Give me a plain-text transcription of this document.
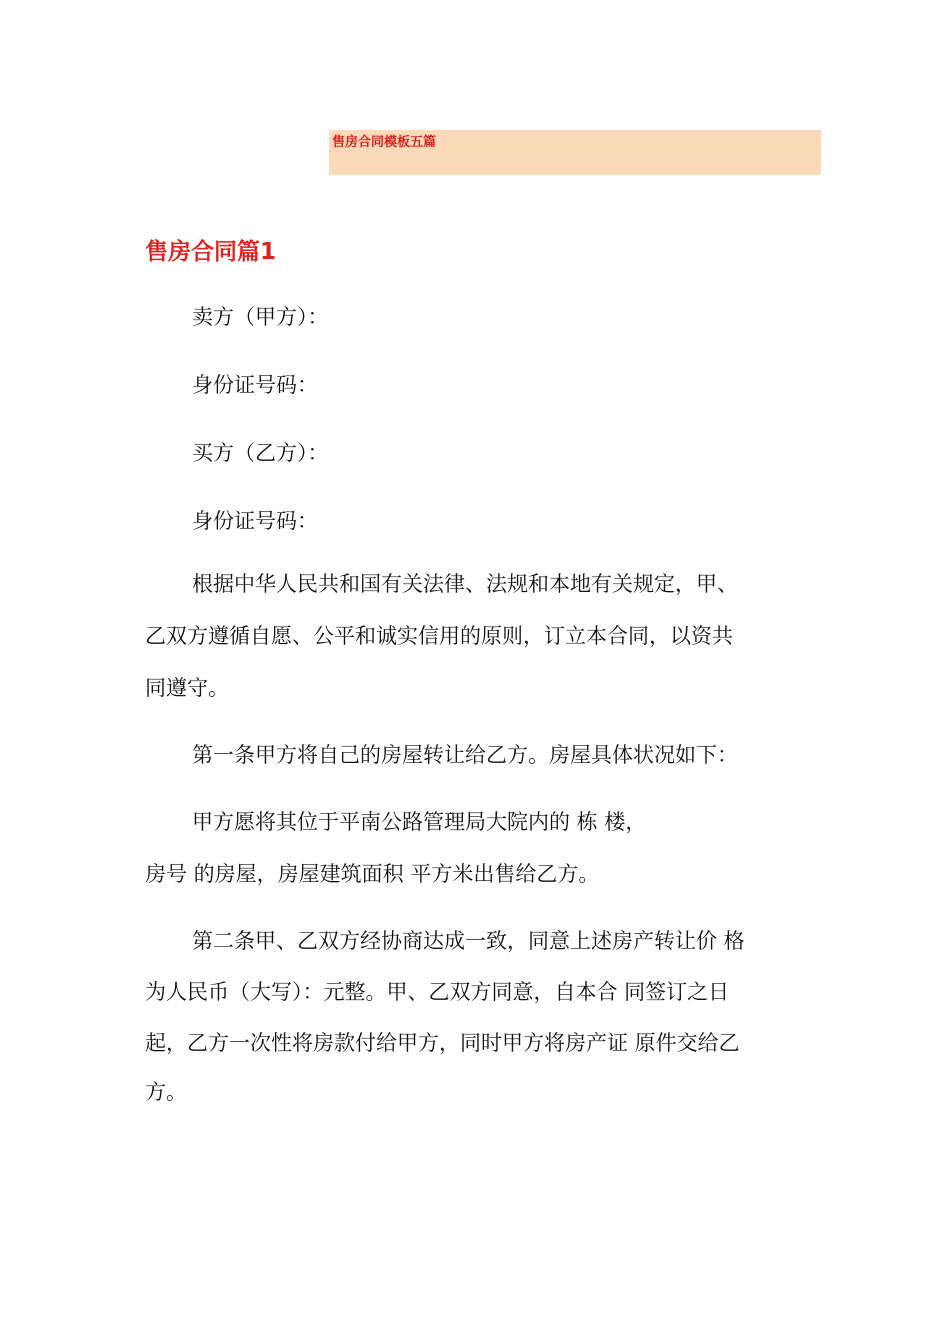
售房合同模板五篇
售房合同篇1
卖方（甲方）：
身份证号码：
买方（乙方）：
身份证号码：
根据中华人民共和国有关法律、法规和本地有关规定，甲、
乙双方遵循自愿、公平和诚实信用的原则，订立本合同，以资共
同遵守。
第一条甲方将自己的房屋转让给乙方。房屋具体状况如下：
甲方愿将其位于平南公路管理局大院内的 栋 楼，
房号 的房屋，房屋建筑面积 平方米出售给乙方。
第二条甲、乙双方经协商达成一致，同意上述房产转让价 格
为人民币（大写）：元整。甲、乙双方同意，自本合 同签订之日
起，乙方一次性将房款付给甲方，同时甲方将房产证 原件交给乙
方。
